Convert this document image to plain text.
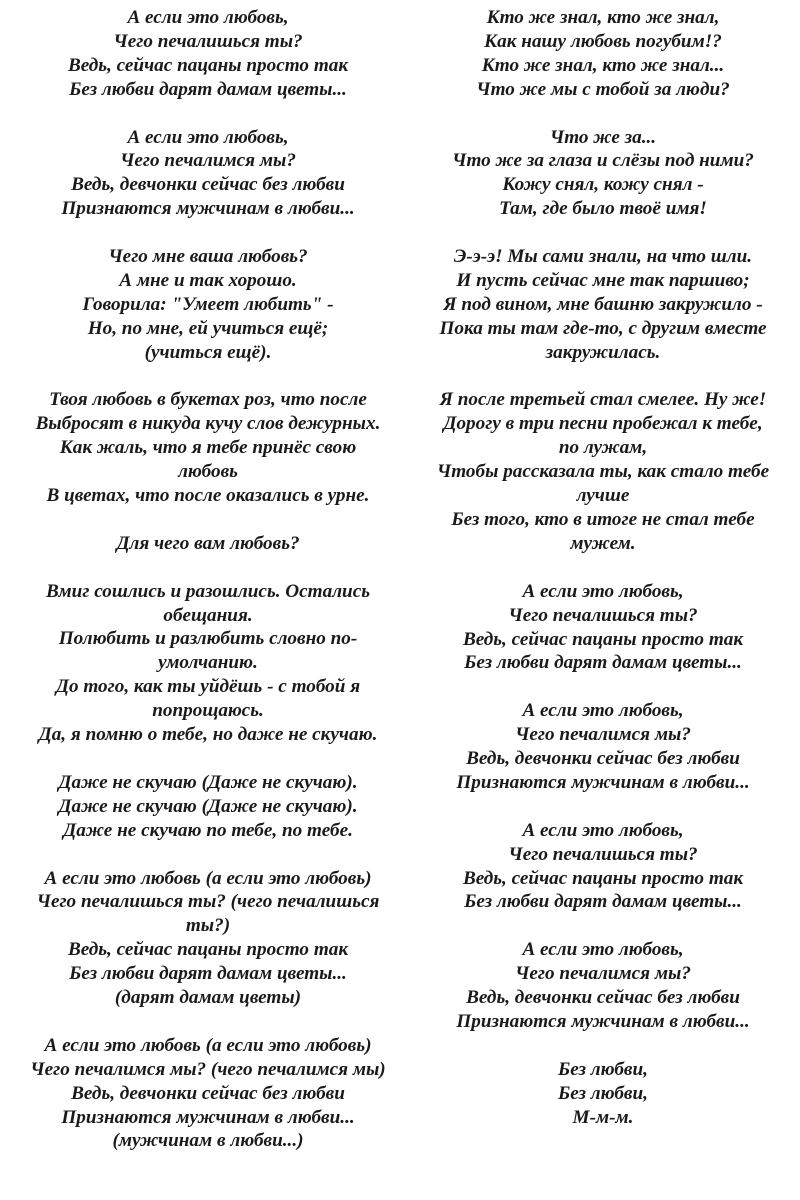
А если это любовь,
Чего печалишься ты?
Ведь, сейчас пацаны просто так
Без любви дарят дамам цветы...
А если это любовь,
Чего печалимся мы?
Ведь, девчонки сейчас без любви
Признаются мужчинам в любви...
Чего мне ваша любовь?
А мне и так хорошо.
Говорила: "Умеет любить" -
Но, по мне, ей учиться ещё;
(учиться ещё).
Твоя любовь в букетах роз, что после
Выбросят в никуда кучу слов дежурных.
Как жаль, что я тебе принёс свою
любовь
В цветах, что после оказались в урне.
Для чего вам любовь?
Вмиг сошлись и разошлись. Остались
обещания.
Полюбить и разлюбить словно по-
умолчанию.
До того, как ты уйдёшь - с тобой я
попрощаюсь.
Да, я помню о тебе, но даже не скучаю.
Даже не скучаю (Даже не скучаю).
Даже не скучаю (Даже не скучаю).
Даже не скучаю по тебе, по тебе.
А если это любовь (а если это любовь)
Чего печалишься ты? (чего печалишься
ты?)
Ведь, сейчас пацаны просто так
Без любви дарят дамам цветы...
(дарят дамам цветы)
А если это любовь (а если это любовь)
Чего печалимся мы? (чего печалимся мы)
Ведь, девчонки сейчас без любви
Признаются мужчинам в любви...
(мужчинам в любви...)
Кто же знал, кто же знал,
Как нашу любовь погубим!?
Кто же знал, кто же знал...
Что же мы с тобой за люди?
Что же за...
Что же за глаза и слёзы под ними?
Кожу снял, кожу снял -
Там, где было твоё имя!
Э-э-э! Мы сами знали, на что шли.
И пусть сейчас мне так паршиво;
Я под вином, мне башню закружило -
Пока ты там где-то, с другим вместе
закружилась.
Я после третьей стал смелее. Ну же!
Дорогу в три песни пробежал к тебе,
по лужам,
Чтобы рассказала ты, как стало тебе
лучше
Без того, кто в итоге не стал тебе
мужем.
А если это любовь,
Чего печалишься ты?
Ведь, сейчас пацаны просто так
Без любви дарят дамам цветы...
А если это любовь,
Чего печалимся мы?
Ведь, девчонки сейчас без любви
Признаются мужчинам в любви...
А если это любовь,
Чего печалишься ты?
Ведь, сейчас пацаны просто так
Без любви дарят дамам цветы...
А если это любовь,
Чего печалимся мы?
Ведь, девчонки сейчас без любви
Признаются мужчинам в любви...
Без любви,
Без любви,
М-м-м.
